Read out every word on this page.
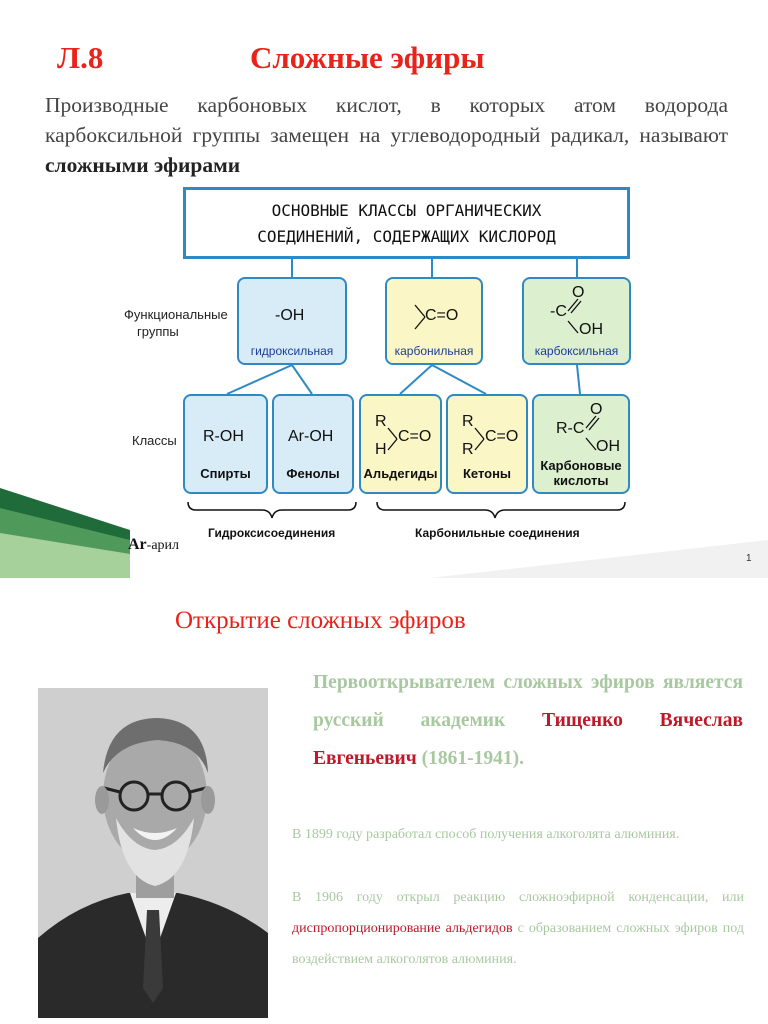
Л.8	Сложные эфиры
Производные карбоновых кислот, в которых атом водорода карбоксильной группы замещен на углеводородный радикал, называют сложными эфирами
ОСНОВНЫЕ КЛАССЫ ОРГАНИЧЕСКИХ
СОЕДИНЕНИЙ, СОДЕРЖАЩИХ КИСЛОРОД
Функциональные
группы
Классы
-OH
гидроксильная
C=O
карбонильная
O
-C
OH
карбоксильная
R-OH
Спирты
Ar-OH
Фенолы
R
H
C=O
Альдегиды
R
R
C=O
Кетоны
O
R-C
OH
Карбоновые
кислоты
Гидроксисоединения	Карбонильные соединения
Ar-арил
1
Открытие сложных эфиров
Первооткрывателем сложных эфиров является русский академик Тищенко Вячеслав Евгеньевич (1861-1941).
В 1899 году разработал способ получения алкоголята алюминия.
В 1906 году открыл реакцию сложноэфирной конденсации, или диспропорционирование альдегидов с образованием сложных эфиров под воздействием алкоголятов алюминия.
